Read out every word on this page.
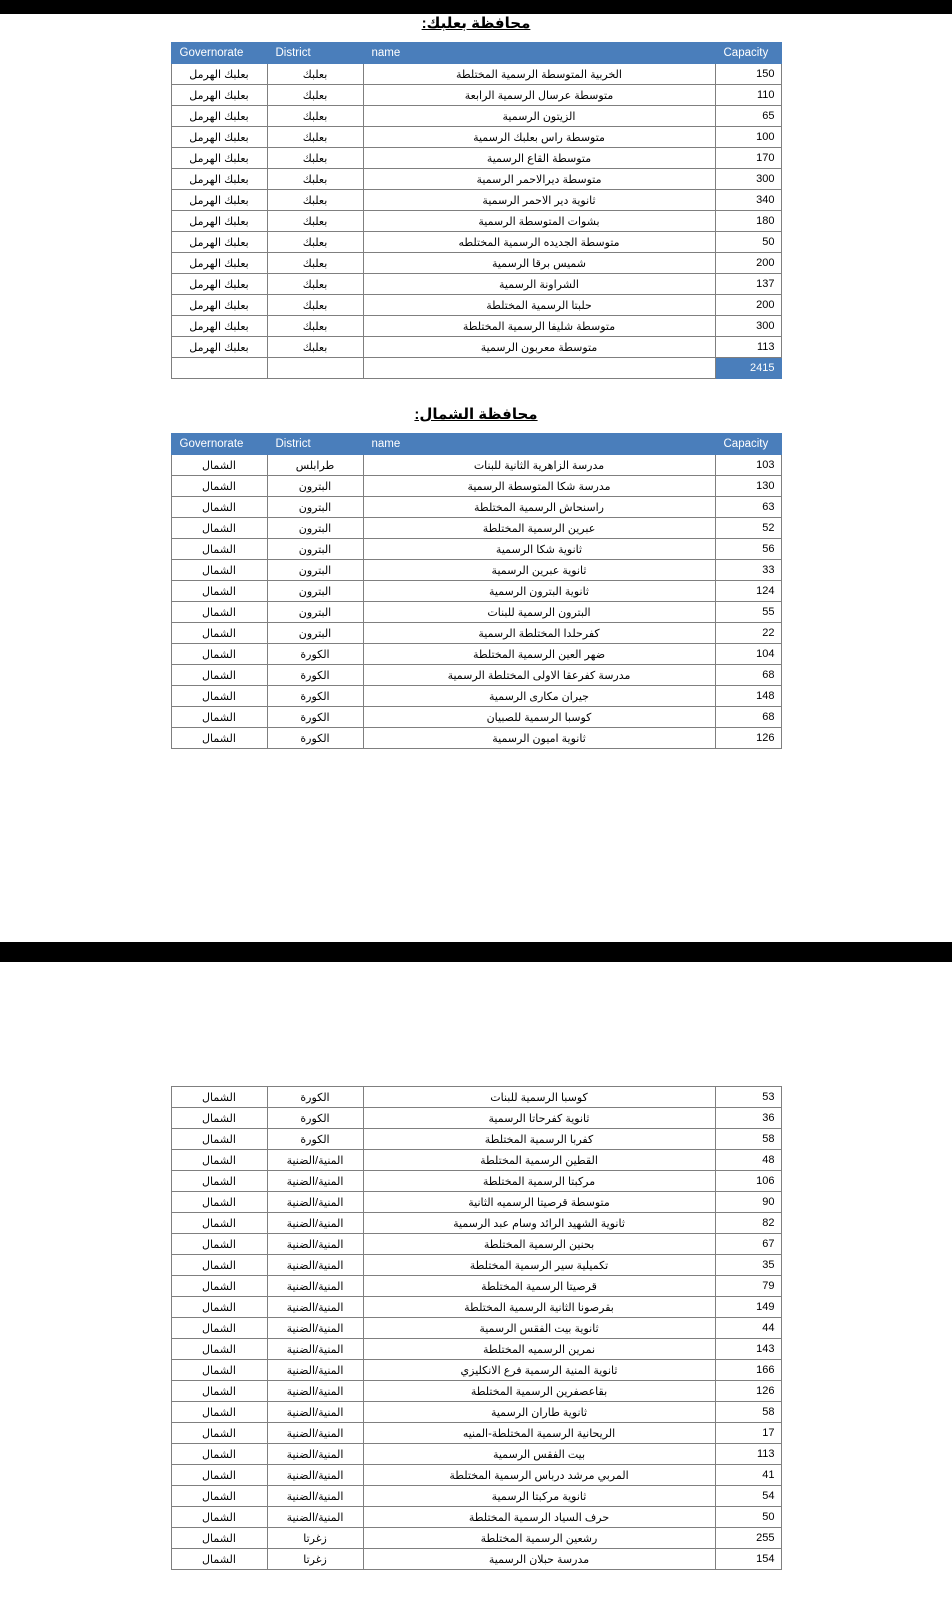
محافظة بعلبك:
Governorate	District	name	Capacity
بعلبك الهرمل	بعلبك	الخربية المتوسطة الرسمية المختلطة	150
بعلبك الهرمل	بعلبك	متوسطة عرسال الرسمية الرابعة	110
بعلبك الهرمل	بعلبك	الزيتون الرسمية	65
بعلبك الهرمل	بعلبك	متوسطة راس بعلبك الرسمية	100
بعلبك الهرمل	بعلبك	متوسطة القاع الرسمية	170
بعلبك الهرمل	بعلبك	متوسطة ديرالاحمر الرسمية	300
بعلبك الهرمل	بعلبك	ثانوية دير الاحمر الرسمية	340
بعلبك الهرمل	بعلبك	بشوات المتوسطة الرسمية	180
بعلبك الهرمل	بعلبك	متوسطة الجديده الرسمية المختلطه	50
بعلبك الهرمل	بعلبك	شميس برقا الرسمية	200
بعلبك الهرمل	بعلبك	الشراونة الرسمية	137
بعلبك الهرمل	بعلبك	حلبتا الرسمية المختلطة	200
بعلبك الهرمل	بعلبك	متوسطة شليفا الرسمية المختلطة	300
بعلبك الهرمل	بعلبك	متوسطة معربون الرسمية	113
			2415
محافظة الشمال:
Governorate	District	name	Capacity
الشمال	طرابلس	مدرسة الزاهرية الثانية للبنات	103
الشمال	البترون	مدرسة شكا المتوسطة الرسمية	130
الشمال	البترون	راسنحاش الرسمية المختلطة	63
الشمال	البترون	عبرين الرسمية المختلطة	52
الشمال	البترون	ثانوية شكا الرسمية	56
الشمال	البترون	ثانوية عبرين الرسمية	33
الشمال	البترون	ثانوية البترون الرسمية	124
الشمال	البترون	البترون الرسمية للبنات	55
الشمال	البترون	كفرحلدا المختلطة الرسمية	22
الشمال	الكورة	ضهر العين الرسمية المختلطة	104
الشمال	الكورة	مدرسة كفرعقا الاولى المختلطة الرسمية	68
الشمال	الكورة	جيران مكارى الرسمية	148
الشمال	الكورة	كوسبا الرسمية للصبيان	68
الشمال	الكورة	ثانوية اميون الرسمية	126
الشمال	الكورة	كوسبا الرسمية للبنات	53
الشمال	الكورة	ثانوية كفرحاتا الرسمية	36
الشمال	الكورة	كفربا الرسمية المختلطة	58
الشمال	المنية/الضنية	القطين الرسمية المختلطة	48
الشمال	المنية/الضنية	مركبتا الرسمية المختلطة	106
الشمال	المنية/الضنية	متوسطة قرصيتا الرسميه الثانية	90
الشمال	المنية/الضنية	ثانوية الشهيد الرائد وسام عبد الرسمية	82
الشمال	المنية/الضنية	بحنين الرسمية المختلطة	67
الشمال	المنية/الضنية	تكميلية سير الرسمية المختلطة	35
الشمال	المنية/الضنية	قرصيتا الرسمية المختلطة	79
الشمال	المنية/الضنية	بقرصونا الثانية الرسمية المختلطة	149
الشمال	المنية/الضنية	ثانوية بيت الفقس الرسمية	44
الشمال	المنية/الضنية	نمرين الرسميه المختلطة	143
الشمال	المنية/الضنية	ثانوية المنية الرسمية فرع الانكليزي	166
الشمال	المنية/الضنية	بقاعصفرين الرسمية المختلطة	126
الشمال	المنية/الضنية	ثانوية طاران الرسمية	58
الشمال	المنية/الضنية	الريحانية الرسمية المختلطة-المنيه	17
الشمال	المنية/الضنية	بيت الفقس الرسمية	113
الشمال	المنية/الضنية	المربي مرشد درباس الرسمية المختلطة	41
الشمال	المنية/الضنية	ثانوية مركبتا الرسمية	54
الشمال	المنية/الضنية	حرف السياد الرسمية المختلطة	50
الشمال	زغرتا	رشعين الرسمية المختلطة	255
الشمال	زغرتا	مدرسة حبلان الرسمية	154
